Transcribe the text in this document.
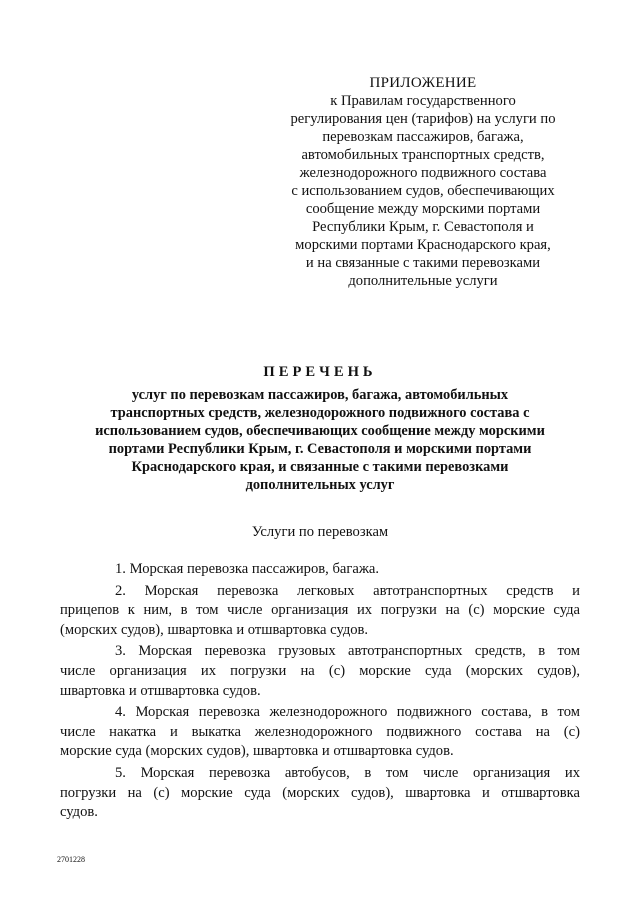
ПРИЛОЖЕНИЕ
к Правилам государственного
регулирования цен (тарифов) на услуги по
перевозкам пассажиров, багажа,
автомобильных транспортных средств,
железнодорожного подвижного состава
с использованием судов, обеспечивающих
сообщение между морскими портами
Республики Крым, г. Севастополя и
морскими портами Краснодарского края,
и на связанные с такими перевозками
дополнительные услуги
ПЕРЕЧЕНЬ
услуг по перевозкам пассажиров, багажа, автомобильных
транспортных средств, железнодорожного подвижного состава с
использованием судов, обеспечивающих сообщение между морскими
портами Республики Крым, г. Севастополя и морскими портами
Краснодарского края, и связанные с такими перевозками
дополнительных услуг
Услуги по перевозкам
1. Морская перевозка пассажиров, багажа.
2. Морская перевозка легковых автотранспортных средств и
прицепов к ним, в том числе организация их погрузки на (с) морские суда
(морских судов), швартовка и отшвартовка судов.
3. Морская перевозка грузовых автотранспортных средств, в том
числе организация их погрузки на (с) морские суда (морских судов),
швартовка и отшвартовка судов.
4. Морская перевозка железнодорожного подвижного состава, в том
числе накатка и выкатка железнодорожного подвижного состава на (с)
морские суда (морских судов), швартовка и отшвартовка судов.
5. Морская перевозка автобусов, в том числе организация их
погрузки на (с) морские суда (морских судов), швартовка и отшвартовка
судов.
2701228
